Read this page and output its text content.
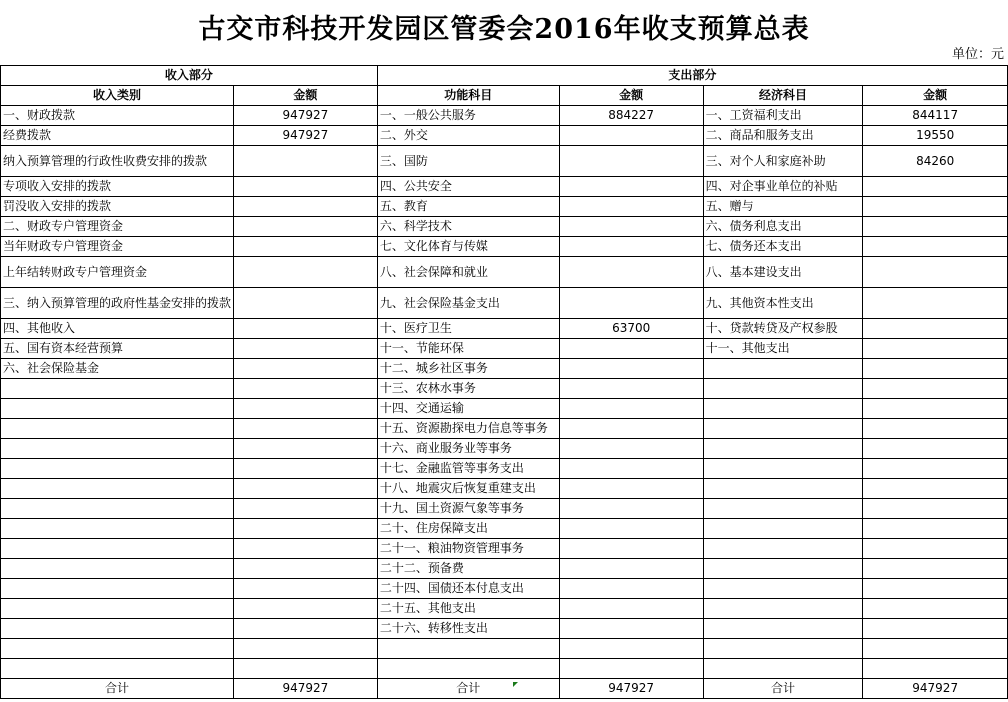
古交市科技开发园区管委会2016年收支预算总表
单位：元
收入部分		支出部分			
收入类别	金额	功能科目	金额	经济科目	金额
一、财政拨款	947927	一、一般公共服务	884227	一、工资福利支出	844117
经费拨款	947927	二、外交		二、商品和服务支出	19550
纳入预算管理的行政性收费安排的拨款		三、国防		三、对个人和家庭补助	84260
专项收入安排的拨款		四、公共安全		四、对企事业单位的补贴	
罚没收入安排的拨款		五、教育		五、赠与	
二、财政专户管理资金		六、科学技术		六、债务利息支出	
当年财政专户管理资金		七、文化体育与传媒		七、债务还本支出	
上年结转财政专户管理资金		八、社会保障和就业		八、基本建设支出	
三、纳入预算管理的政府性基金安排的拨款		九、社会保险基金支出		九、其他资本性支出	
四、其他收入		十、医疗卫生	63700	十、贷款转贷及产权参股	
五、国有资本经营预算		十一、节能环保		十一、其他支出	
六、社会保险基金		十二、城乡社区事务			
		十三、农林水事务			
		十四、交通运输			
		十五、资源勘探电力信息等事务			
		十六、商业服务业等事务			
		十七、金融监管等事务支出			
		十八、地震灾后恢复重建支出			
		十九、国土资源气象等事务			
		二十、住房保障支出			
		二十一、粮油物资管理事务			
		二十二、预备费			
		二十四、国债还本付息支出			
		二十五、其他支出			
		二十六、转移性支出			

合计	947927	合计	947927	合计	947927
